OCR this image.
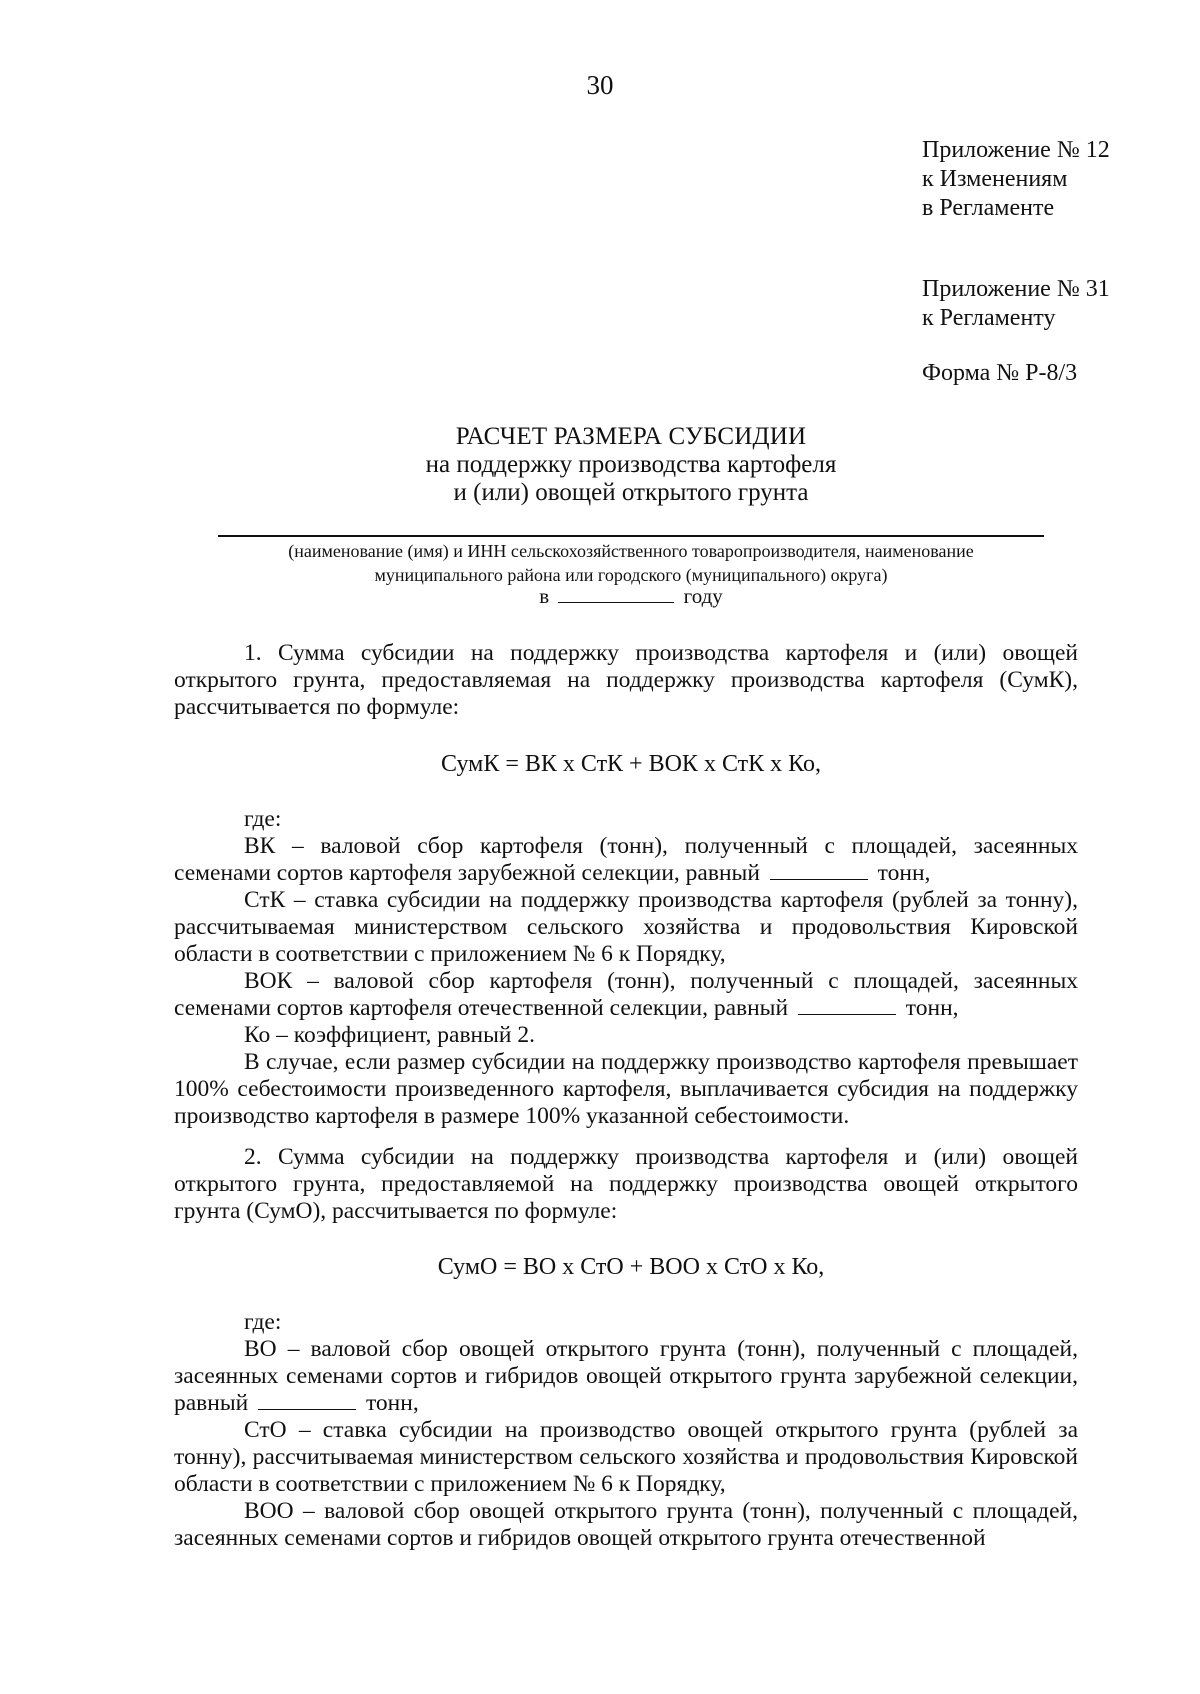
30
Приложение № 12
к Изменениям
в Регламенте
Приложение № 31
к Регламенту
Форма № Р-8/3
РАСЧЕТ РАЗМЕРА СУБСИДИИ
на поддержку производства картофеля
и (или) овощей открытого грунта
(наименование (имя) и ИНН сельскохозяйственного товаропроизводителя, наименование
муниципального района или городского (муниципального) округа)
в	году

1. Сумма субсидии на поддержку производства картофеля и (или) овощей открытого грунта, предоставляемая на поддержку производства картофеля (СумК), рассчитывается по формуле:

СумК = ВК х СтК + ВОК х СтК х Ко,

где:

ВК – валовой сбор картофеля (тонн), полученный с площадей, засеянных семенами сортов картофеля зарубежной селекции, равный	тонн,

СтК – ставка субсидии на поддержку производства картофеля (рублей за тонну), рассчитываемая министерством сельского хозяйства и продовольствия Кировской области в соответствии с приложением № 6 к Порядку,

ВОК – валовой сбор картофеля (тонн), полученный с площадей, засеянных семенами сортов картофеля отечественной селекции, равный	тонн,

Ко – коэффициент, равный 2.

В случае, если размер субсидии на поддержку производство картофеля превышает 100% себестоимости произведенного картофеля, выплачивается субсидия на поддержку производство картофеля в размере 100% указанной себестоимости.

2. Сумма субсидии на поддержку производства картофеля и (или) овощей открытого грунта, предоставляемой на поддержку производства овощей открытого грунта (СумО), рассчитывается по формуле:

СумО = ВО х СтО + ВОО х СтО х Ко,

где:

ВО – валовой сбор овощей открытого грунта (тонн), полученный с площадей, засеянных семенами сортов и гибридов овощей открытого грунта зарубежной селекции, равный	тонн,

СтО – ставка субсидии на производство овощей открытого грунта (рублей за тонну), рассчитываемая министерством сельского хозяйства и продовольствия Кировской области в соответствии с приложением № 6 к Порядку,

ВОО – валовой сбор овощей открытого грунта (тонн), полученный с площадей, засеянных семенами сортов и гибридов овощей открытого грунта отечественной
